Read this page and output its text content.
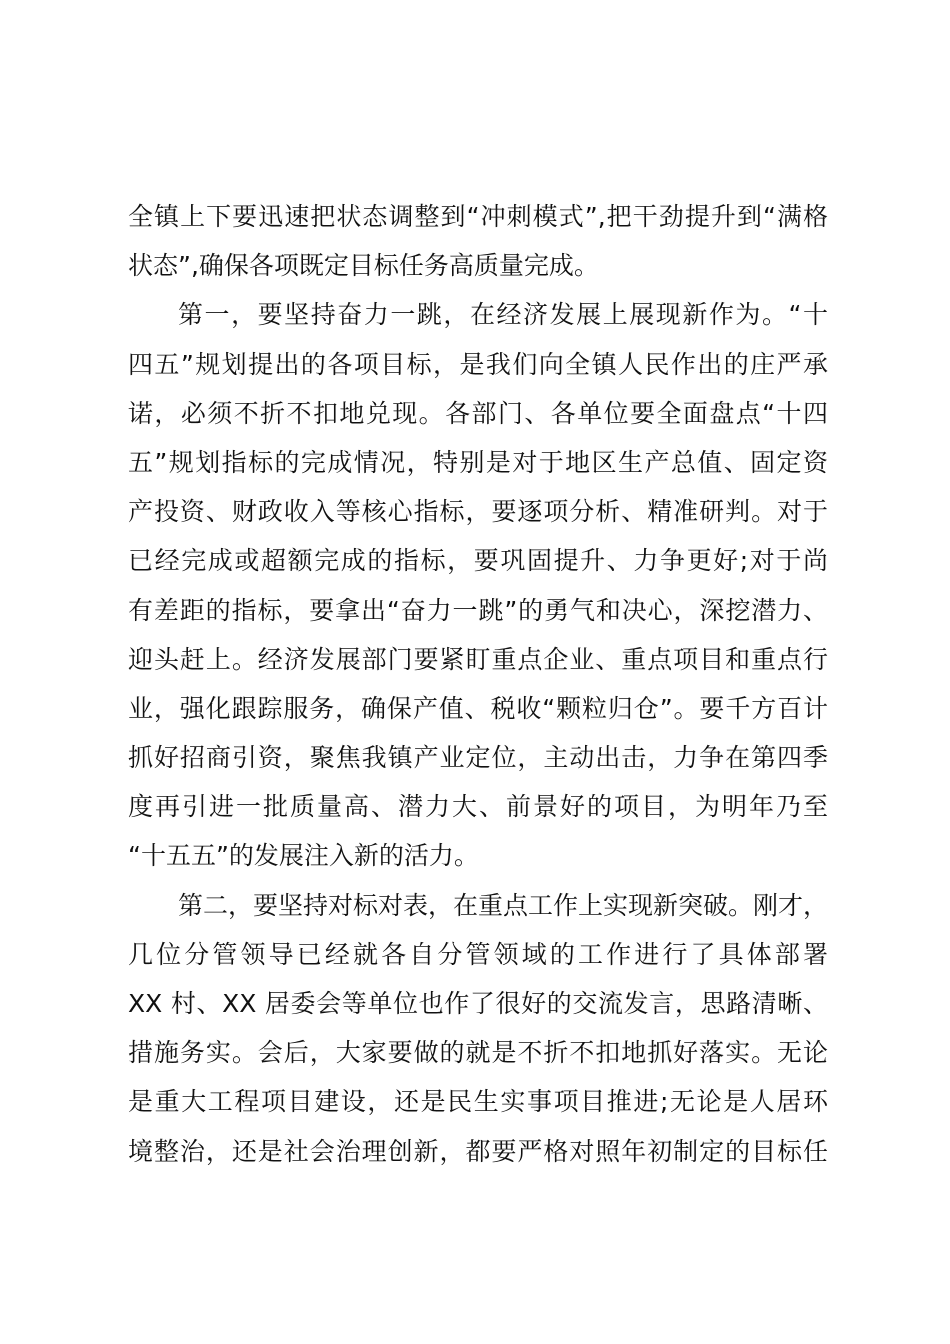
全镇上下要迅速把状态调整到“冲刺模式”,把干劲提升到“满格
状态”,确保各项既定目标任务高质量完成。
第一，要坚持奋力一跳，在经济发展上展现新作为。“十
四五”规划提出的各项目标，是我们向全镇人民作出的庄严承
诺，必须不折不扣地兑现。各部门、各单位要全面盘点“十四
五”规划指标的完成情况，特别是对于地区生产总值、固定资
产投资、财政收入等核心指标，要逐项分析、精准研判。对于
已经完成或超额完成的指标，要巩固提升、力争更好;对于尚
有差距的指标，要拿出“奋力一跳”的勇气和决心，深挖潜力、
迎头赶上。经济发展部门要紧盯重点企业、重点项目和重点行
业，强化跟踪服务，确保产值、税收“颗粒归仓”。要千方百计
抓好招商引资，聚焦我镇产业定位，主动出击，力争在第四季
度再引进一批质量高、潜力大、前景好的项目，为明年乃至
“十五五”的发展注入新的活力。
第二，要坚持对标对表，在重点工作上实现新突破。刚才，
几位分管领导已经就各自分管领域的工作进行了具体部署
XX 村、XX 居委会等单位也作了很好的交流发言，思路清晰、
措施务实。会后，大家要做的就是不折不扣地抓好落实。无论
是重大工程项目建设，还是民生实事项目推进;无论是人居环
境整治，还是社会治理创新，都要严格对照年初制定的目标任
